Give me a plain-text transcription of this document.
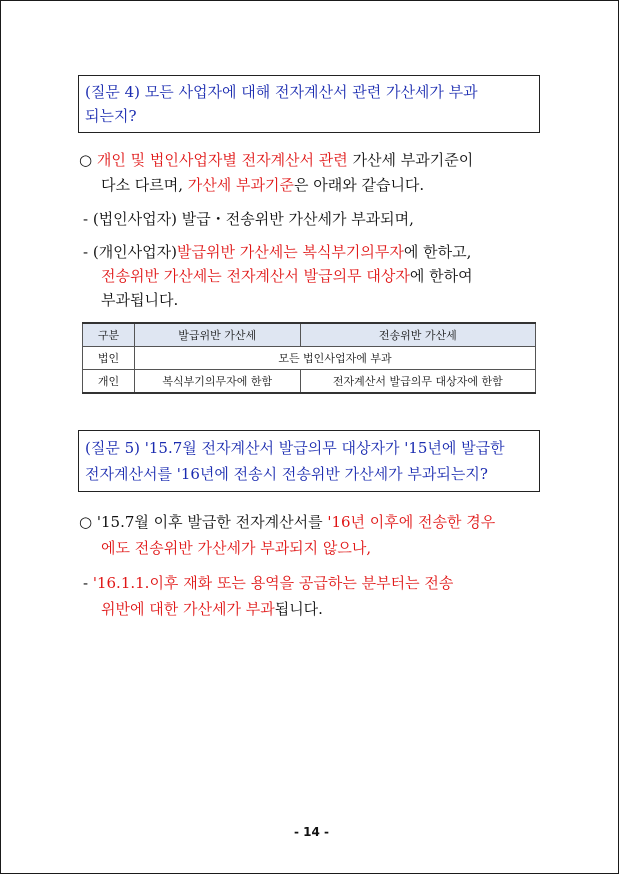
(질문 4) 모든 사업자에 대해 전자계산서 관련 가산세가 부과
되는지?
○ 개인 및 법인사업자별 전자계산서 관련 가산세 부과기준이
다소 다르며, 가산세 부과기준은 아래와 같습니다.
- (법인사업자) 발급・전송위반 가산세가 부과되며,
- (개인사업자)발급위반 가산세는 복식부기의무자에 한하고,
전송위반 가산세는 전자계산서 발급의무 대상자에 한하여
부과됩니다.
구분	발급위반 가산세	전송위반 가산세
법인	모든 법인사업자에 부과	
개인	복식부기의무자에 한함	전자계산서 발급의무 대상자에 한함
(질문 5) '15.7월 전자계산서 발급의무 대상자가 '15년에 발급한
전자계산서를 '16년에 전송시 전송위반 가산세가 부과되는지?
○ '15.7월 이후 발급한 전자계산서를 '16년 이후에 전송한 경우
에도 전송위반 가산세가 부과되지 않으나,
- '16.1.1.이후 재화 또는 용역을 공급하는 분부터는 전송
위반에 대한 가산세가 부과됩니다.
- 14 -
